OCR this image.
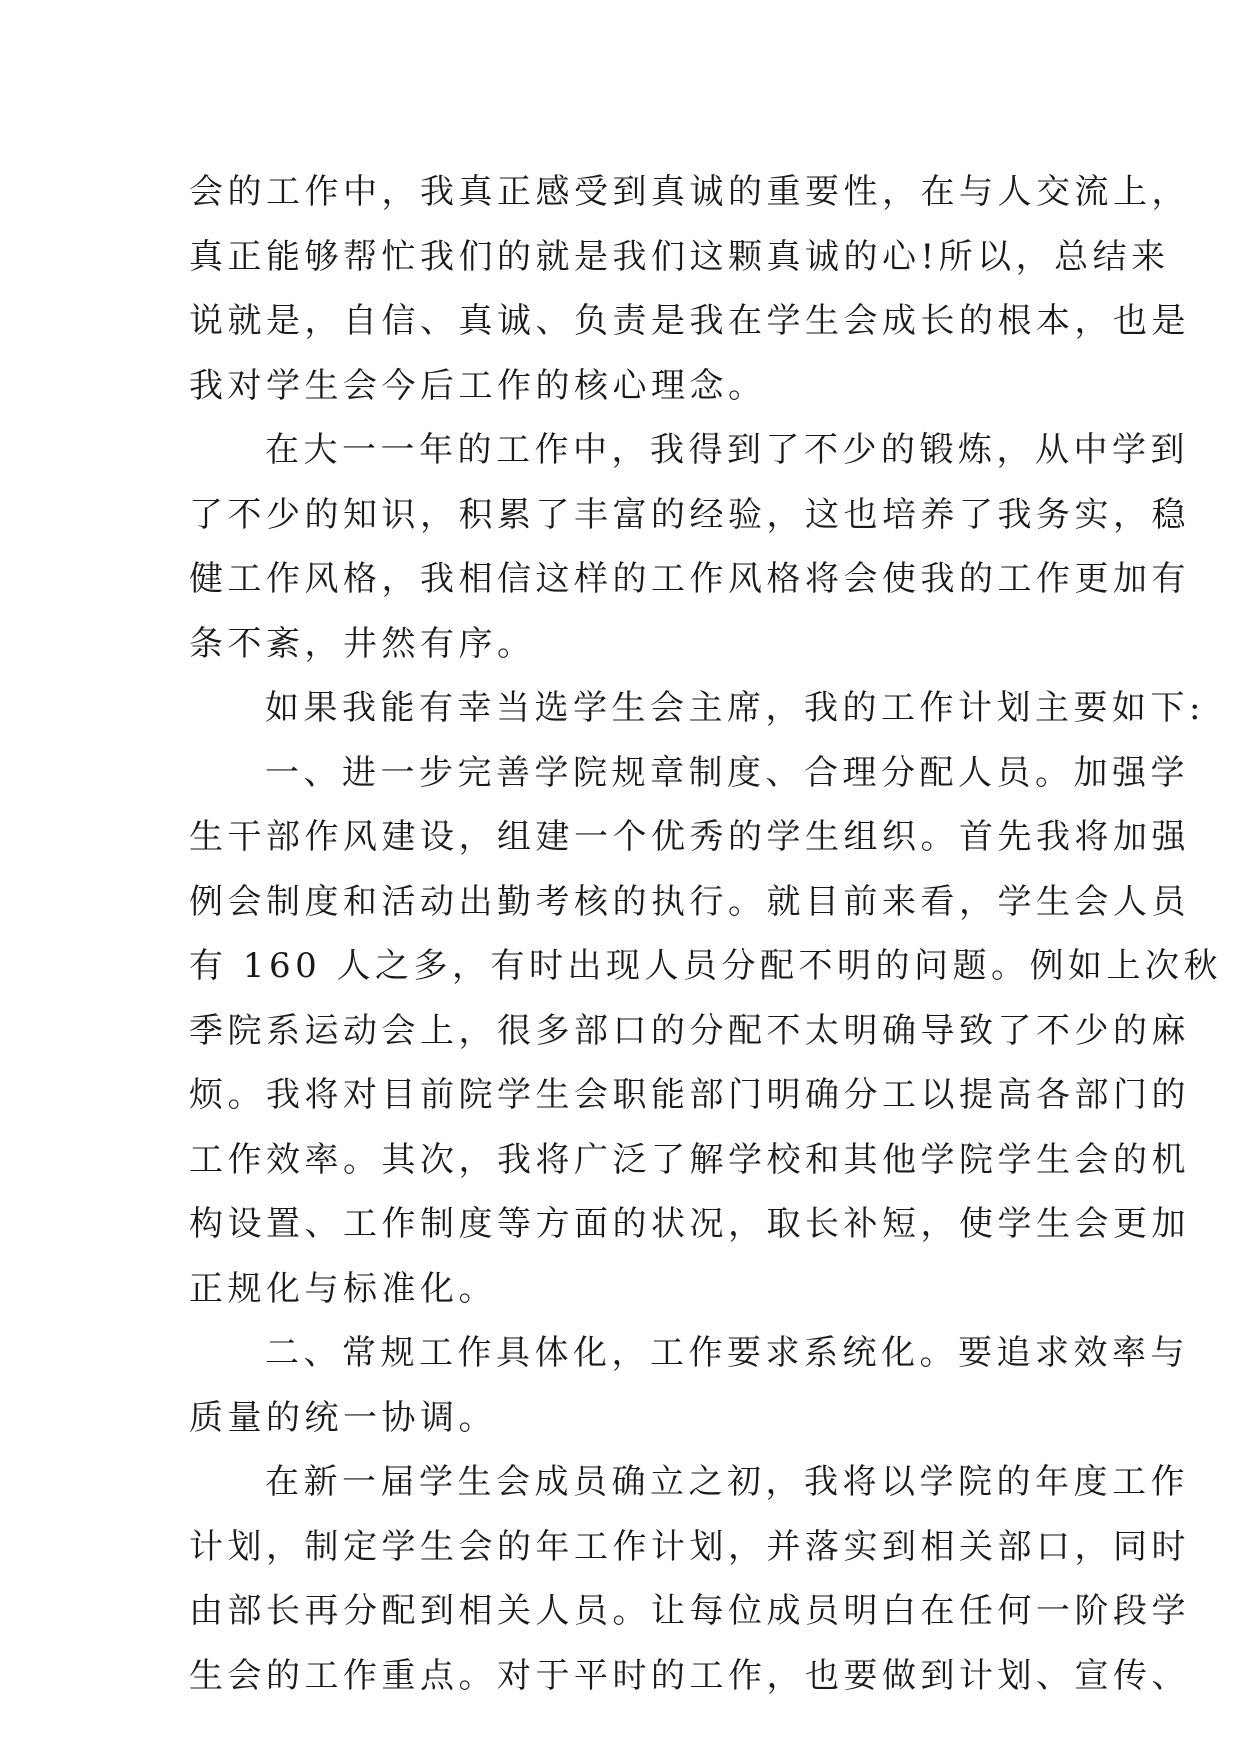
会的工作中，我真正感受到真诚的重要性，在与人交流上，
真正能够帮忙我们的就是我们这颗真诚的心!所以，总结来
说就是，自信、真诚、负责是我在学生会成长的根本，也是
我对学生会今后工作的核心理念。
在大一一年的工作中，我得到了不少的锻炼，从中学到
了不少的知识，积累了丰富的经验，这也培养了我务实，稳
健工作风格，我相信这样的工作风格将会使我的工作更加有
条不紊，井然有序。
如果我能有幸当选学生会主席，我的工作计划主要如下:
一、进一步完善学院规章制度、合理分配人员。加强学
生干部作风建设，组建一个优秀的学生组织。首先我将加强
例会制度和活动出勤考核的执行。就目前来看，学生会人员
有 160 人之多，有时出现人员分配不明的问题。例如上次秋
季院系运动会上，很多部口的分配不太明确导致了不少的麻
烦。我将对目前院学生会职能部门明确分工以提高各部门的
工作效率。其次，我将广泛了解学校和其他学院学生会的机
构设置、工作制度等方面的状况，取长补短，使学生会更加
正规化与标准化。
二、常规工作具体化，工作要求系统化。要追求效率与
质量的统一协调。
在新一届学生会成员确立之初，我将以学院的年度工作
计划，制定学生会的年工作计划，并落实到相关部口，同时
由部长再分配到相关人员。让每位成员明白在任何一阶段学
生会的工作重点。对于平时的工作，也要做到计划、宣传、
